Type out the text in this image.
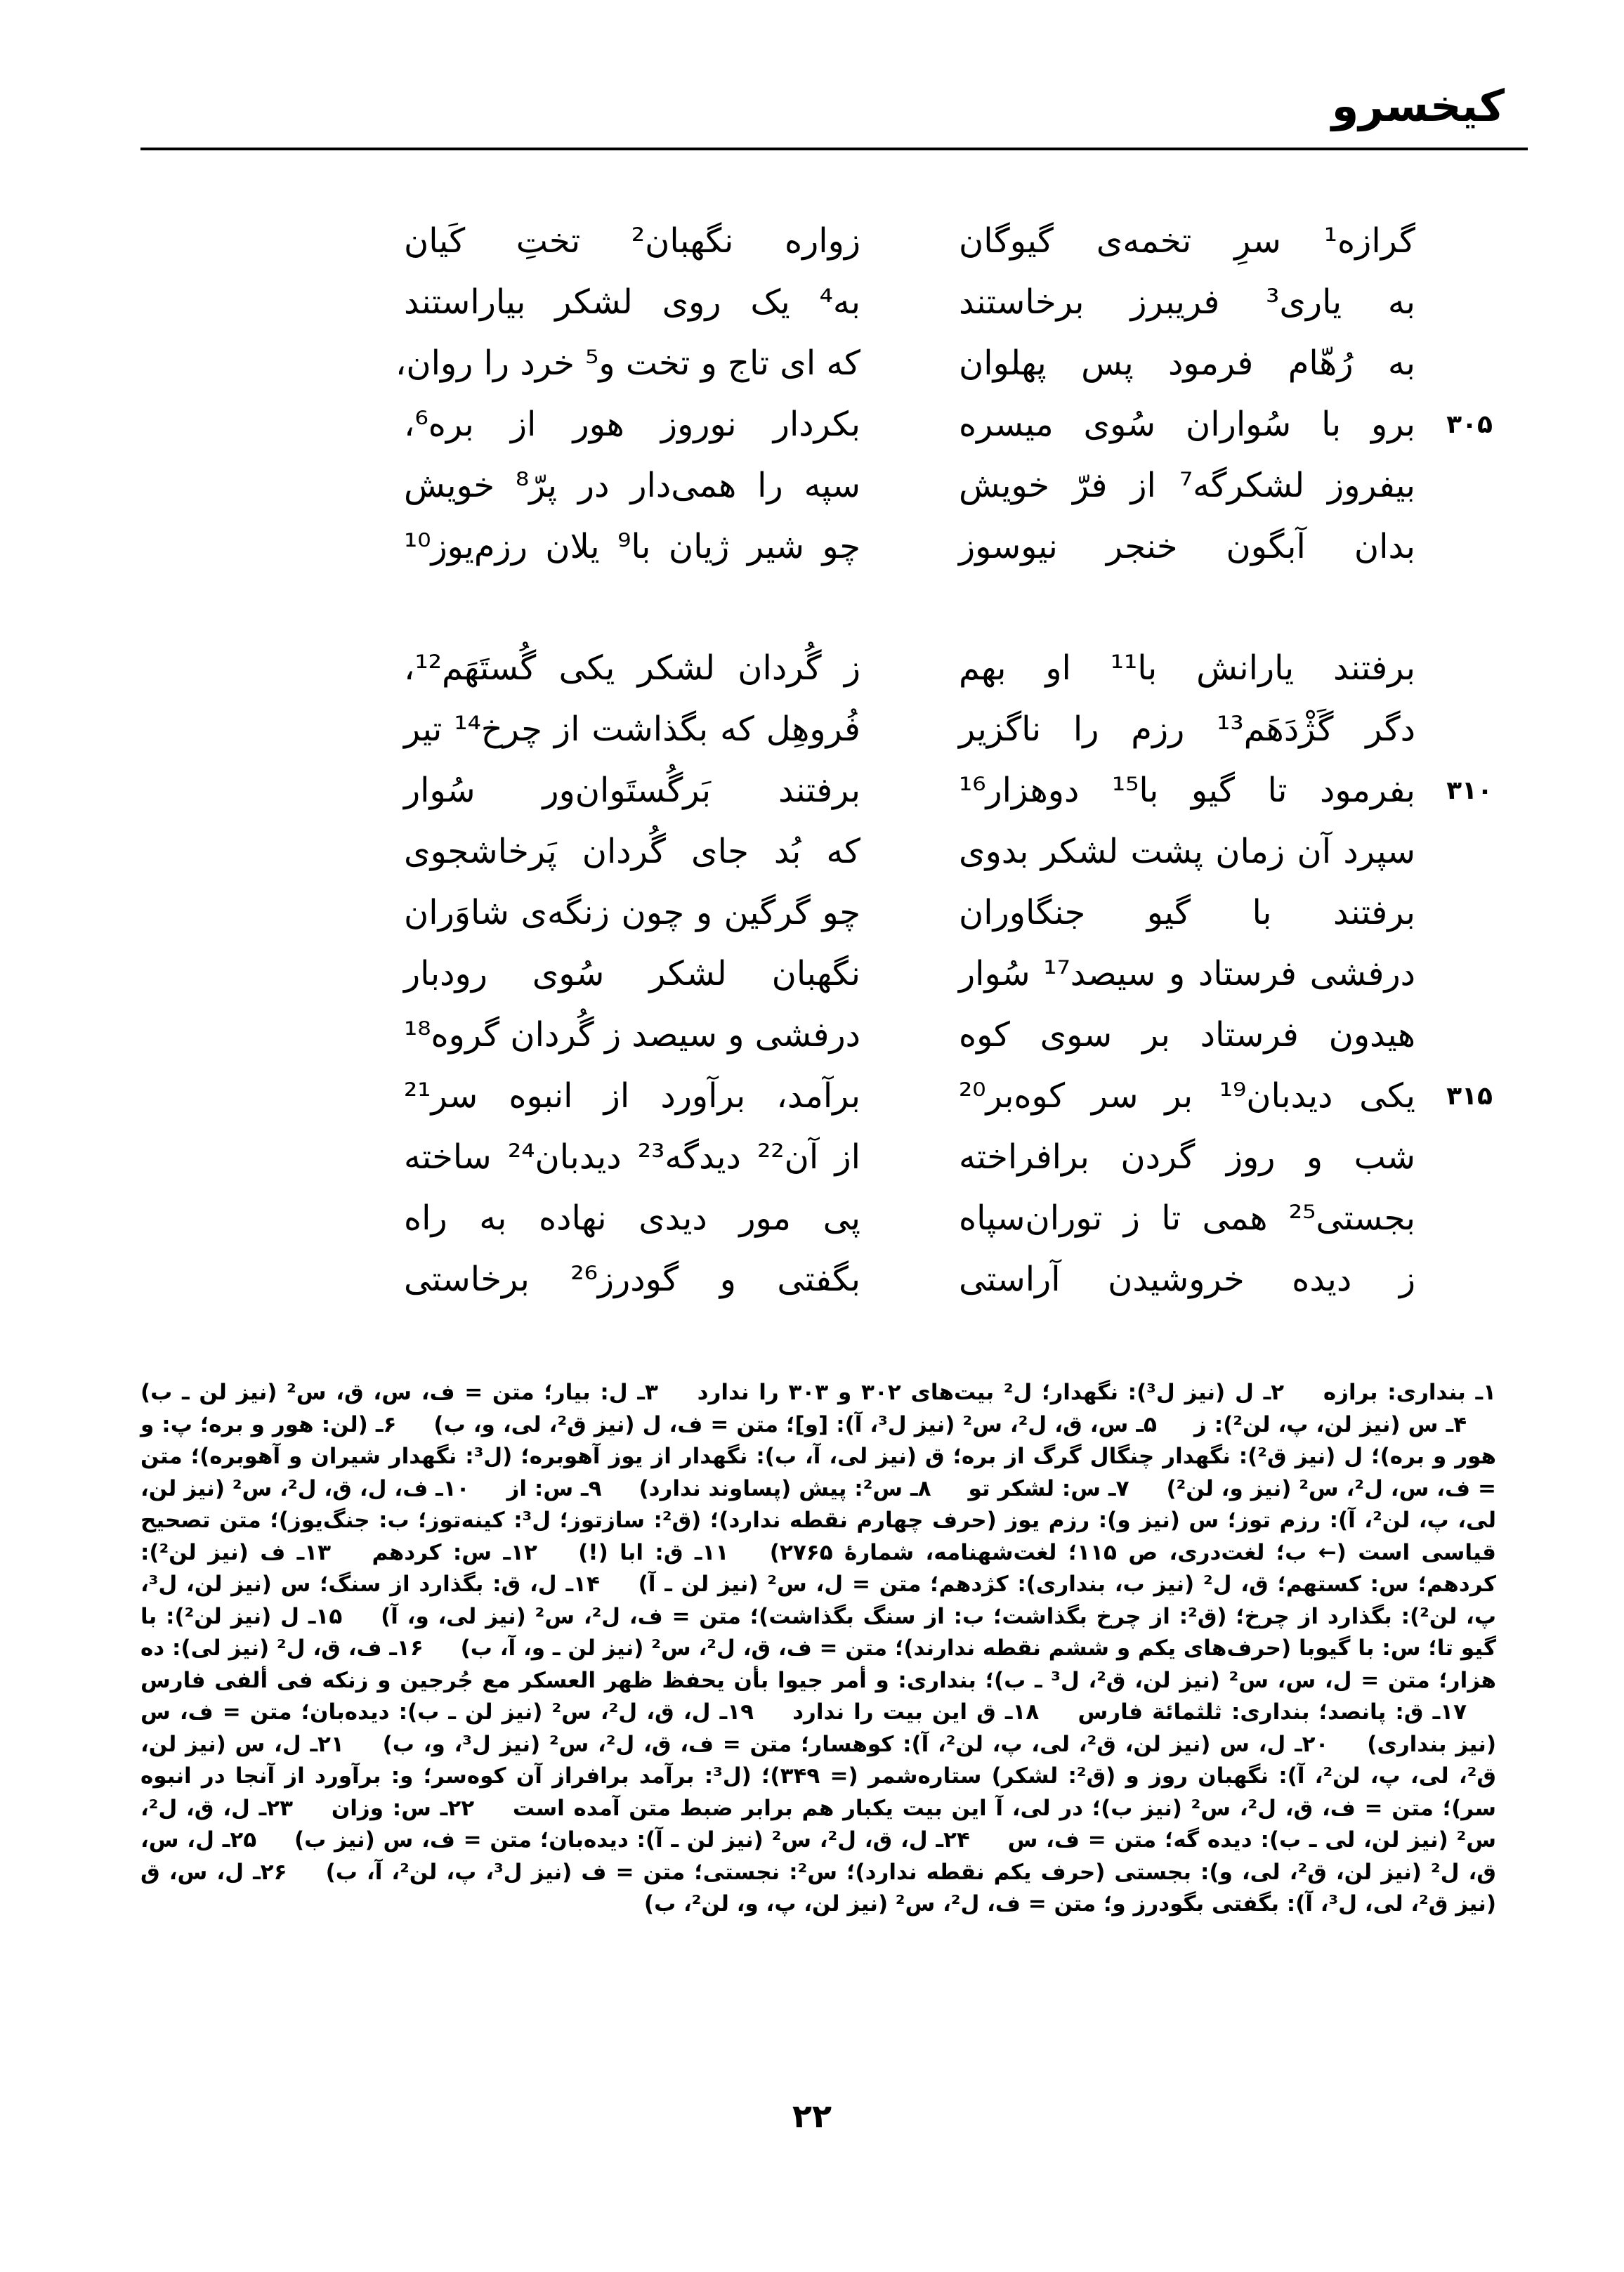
کیخسرو
گرازه¹ سرِ تخمه‌ی گیوگان
زواره نگهبان² تختِ کَیان
به یاری³ فریبرز برخاستند
به⁴ یک روی لشکر بیاراستند
به رُهّام فرمود پس پهلوان
که ای تاج و تخت و⁵ خرد را روان،
۳۰۵
برو با سُواران سُوی میسره
بکردار نوروز هور از بره⁶،
بیفروز لشکرگه⁷ از فرّ خویش
سپه را همی‌دار در پرّ⁸ خویش
بدان آبگون خنجر نیوسوز
چو شیر ژیان با⁹ یلان رزم‌یوز¹⁰
برفتند یارانش با¹¹ او بهم
ز گُردان لشکر یکی گُستَهَم¹²،
دگر گَژْدَهَم¹³ رزم را ناگزیر
فُروهِل که بگذاشت از چرخ¹⁴ تیر
۳۱۰
بفرمود تا گیو با¹⁵ دوهزار¹⁶
برفتند بَرگُستَوان‌ور سُوار
سپرد آن زمان پشت لشکر بدوی
که بُد جای گُردان پَرخاشجوی
برفتند با گیو جنگاوران
چو گرگین و چون زنگه‌ی شاوَران
درفشی فرستاد و سیصد¹⁷ سُوار
نگهبان لشکر سُوی رودبار
هیدون فرستاد بر سوی کوه
درفشی و سیصد ز گُردان گروه¹⁸
۳۱۵
یکی دیدبان¹⁹ بر سر کوه‌بر²⁰
برآمد، برآورد از انبوه سر²¹
شب و روز گردن برافراخته
از آن²² دیدگه²³ دیدبان²⁴ ساخته
بجستی²⁵ همی تا ز توران‌سپاه
پی مور دیدی نهاده به راه
ز دیده خروشیدن آراستی
بگفتی و گودرز²⁶ برخاستی
۱ـ بنداری: برازه ۲ـ ل (نیز ل³): نگهدار؛ ل² بیت‌های ۳۰۲ و ۳۰۳ را ندارد ۳ـ ل: بیار؛ متن = ف، س، ق، س² (نیز لن ـ ب) ۴ـ س (نیز لن، پ، لن²): ز ۵ـ س، ق، ل²، س² (نیز ل³، آ): [و]؛ متن = ف، ل (نیز ق²، لی، و، ب) ۶ـ (لن: هور و بره؛ پ: و هور و بره)؛ ل (نیز ق²): نگهدار چنگال گرگ از بره؛ ق (نیز لی، آ، ب): نگهدار از یوز آهوبره؛ (ل³: نگهدار شیران و آهوبره)؛ متن = ف، س، ل²، س² (نیز و، لن²) ۷ـ س: لشکر تو ۸ـ س²: پیش (پساوند ندارد) ۹ـ س: از ۱۰ـ ف، ل، ق، ل²، س² (نیز لن، لی، پ، لن²، آ): رزم توز؛ س (نیز و): رزم یوز (حرف چهارم نقطه ندارد)؛ (ق²: سازتوز؛ ل³: کینه‌توز؛ ب: جنگ‌یوز)؛ متن تصحیح قیاسی است (← ب؛ لغت‌دری، ص ۱۱۵؛ لغت‌شهنامه، شمارهٔ ۲۷۶۵) ۱۱ـ ق: ابا (!) ۱۲ـ س: کردهم ۱۳ـ ف (نیز لن²): کردهم؛ س: کستهم؛ ق، ل² (نیز ب، بنداری): کژدهم؛ متن = ل، س² (نیز لن ـ آ) ۱۴ـ ل، ق: بگذارد از سنگ؛ س (نیز لن، ل³، پ، لن²): بگذارد از چرخ؛ (ق²: از چرخ بگذاشت؛ ب: از سنگ بگذاشت)؛ متن = ف، ل²، س² (نیز لی، و، آ) ۱۵ـ ل (نیز لن²): با گیو تا؛ س: با گیوبا (حرف‌های یکم و ششم نقطه ندارند)؛ متن = ف، ق، ل²، س² (نیز لن ـ و، آ، ب) ۱۶ـ ف، ق، ل² (نیز لی): ده هزار؛ متن = ل، س، س² (نیز لن، ق²، ل³ ـ ب)؛ بنداری: و أمر جیوا بأن یحفظ ظهر العسکر مع جُرجین و زنکه فی ألفی فارس ۱۷ـ ق: پانصد؛ بنداری: ثلثمائة فارس ۱۸ـ ق این بیت را ندارد ۱۹ـ ل، ق، ل²، س² (نیز لن ـ ب): دیده‌بان؛ متن = ف، س (نیز بنداری) ۲۰ـ ل، س (نیز لن، ق²، لی، پ، لن²، آ): کوهسار؛ متن = ف، ق، ل²، س² (نیز ل³، و، ب) ۲۱ـ ل، س (نیز لن، ق²، لی، پ، لن²، آ): نگهبان روز و (ق²: لشکر) ستاره‌شمر (= ۳۴۹)؛ (ل³: برآمد برافراز آن کوه‌سر؛ و: برآورد از آنجا در انبوه سر)؛ متن = ف، ق، ل²، س² (نیز ب)؛ در لی، آ این بیت یکبار هم برابر ضبط متن آمده است ۲۲ـ س: وزان ۲۳ـ ل، ق، ل²، س² (نیز لن، لی ـ ب): دیده گه؛ متن = ف، س ۲۴ـ ل، ق، ل²، س² (نیز لن ـ آ): دیده‌بان؛ متن = ف، س (نیز ب) ۲۵ـ ل، س، ق، ل² (نیز لن، ق²، لی، و): بجستی (حرف یکم نقطه ندارد)؛ س²: نجستی؛ متن = ف (نیز ل³، پ، لن²، آ، ب) ۲۶ـ ل، س، ق (نیز ق²، لی، ل³، آ): بگفتی بگودرز و؛ متن = ف، ل²، س² (نیز لن، پ، و، لن²، ب)
۲۲
